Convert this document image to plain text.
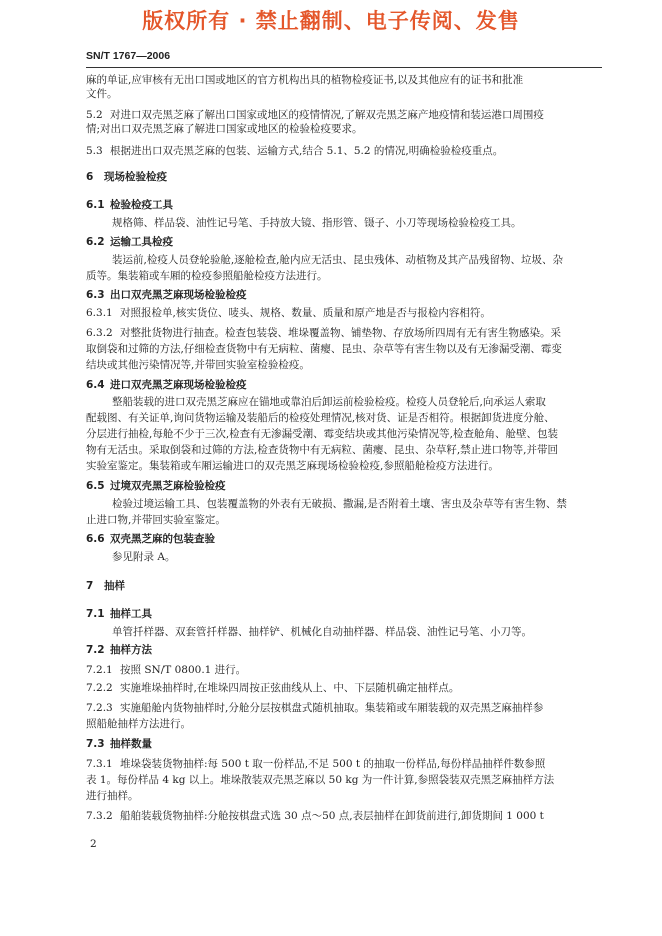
版权所有 · 禁止翻制、电子传阅、发售
SN/T 1767—2006
麻的单证,应审核有无出口国或地区的官方机构出具的植物检疫证书,以及其他应有的证书和批准
文件。
5.2 对进口双壳黑芝麻了解出口国家或地区的疫情情况,了解双壳黑芝麻产地疫情和装运港口周围疫
情;对出口双壳黑芝麻了解进口国家或地区的检验检疫要求。
5.3 根据进出口双壳黑芝麻的包装、运输方式,结合 5.1、5.2 的情况,明确检验检疫重点。
6 现场检验检疫
6.1 检验检疫工具
规格筛、样品袋、油性记号笔、手持放大镜、指形管、镊子、小刀等现场检验检疫工具。
6.2 运输工具检疫
装运前,检疫人员登轮验舱,逐舱检查,舱内应无活虫、昆虫残体、动植物及其产品残留物、垃圾、杂
质等。集装箱或车厢的检疫参照船舱检疫方法进行。
6.3 出口双壳黑芝麻现场检验检疫
6.3.1 对照报检单,核实货位、唛头、规格、数量、质量和原产地是否与报检内容相符。
6.3.2 对整批货物进行抽查。检查包装袋、堆垛覆盖物、铺垫物、存放场所四周有无有害生物感染。采
取倒袋和过筛的方法,仔细检查货物中有无病粒、菌瘿、昆虫、杂草等有害生物以及有无渗漏受潮、霉变
结块或其他污染情况等,并带回实验室检验检疫。
6.4 进口双壳黑芝麻现场检验检疫
整船装载的进口双壳黑芝麻应在锚地或靠泊后卸运前检验检疫。检疫人员登轮后,向承运人索取
配载图、有关证单,询问货物运输及装船后的检疫处理情况,核对货、证是否相符。根据卸货进度分舱、
分层进行抽检,每舱不少于三次,检查有无渗漏受潮、霉变结块或其他污染情况等,检查舱角、舱壁、包装
物有无活虫。采取倒袋和过筛的方法,检查货物中有无病粒、菌瘿、昆虫、杂草籽,禁止进口物等,并带回
实验室鉴定。集装箱或车厢运输进口的双壳黑芝麻现场检验检疫,参照船舱检疫方法进行。
6.5 过境双壳黑芝麻检验检疫
检验过境运输工具、包装覆盖物的外表有无破损、撒漏,是否附着土壤、害虫及杂草等有害生物、禁
止进口物,并带回实验室鉴定。
6.6 双壳黑芝麻的包装查验
参见附录 A。
7 抽样
7.1 抽样工具
单管扦样器、双套管扦样器、抽样铲、机械化自动抽样器、样品袋、油性记号笔、小刀等。
7.2 抽样方法
7.2.1 按照 SN/T 0800.1 进行。
7.2.2 实施堆垛抽样时,在堆垛四周按正弦曲线从上、中、下层随机确定抽样点。
7.2.3 实施船舱内货物抽样时,分舱分层按棋盘式随机抽取。集装箱或车厢装载的双壳黑芝麻抽样参
照船舱抽样方法进行。
7.3 抽样数量
7.3.1 堆垛袋装货物抽样:每 500 t 取一份样品,不足 500 t 的抽取一份样品,每份样品抽样件数参照
表 1。每份样品 4 kg 以上。堆垛散装双壳黑芝麻以 50 kg 为一件计算,参照袋装双壳黑芝麻抽样方法
进行抽样。
7.3.2 船舶装载货物抽样:分舱按棋盘式选 30 点～50 点,表层抽样在卸货前进行,卸货期间 1 000 t
2
